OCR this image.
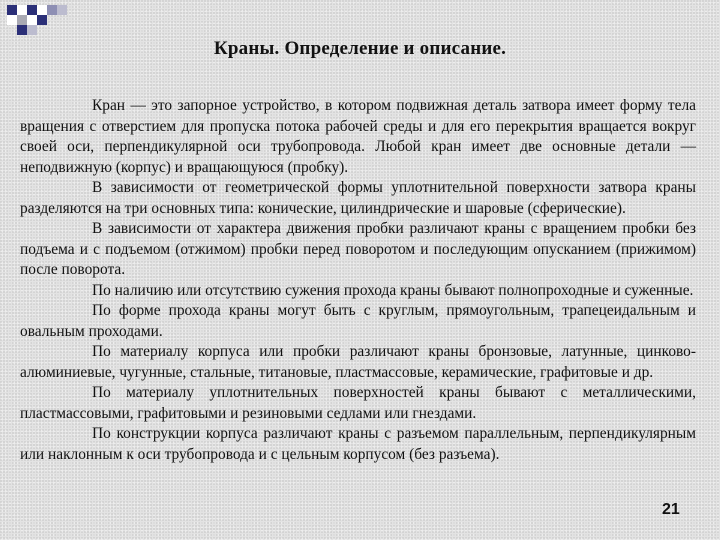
Краны. Определение и описание.

Кран — это запорное устройство, в котором подвижная деталь затвора имеет форму тела вращения с отверстием для пропуска потока рабочей среды и для его перекрытия вращается вокруг своей оси, перпендикулярной оси трубопровода. Любой кран имеет две основные детали — неподвижную (корпус) и вращающуюся (пробку).

В зависимости от геометрической формы уплотнительной поверхности затвора краны разделяются на три основных типа: конические, цилиндрические и шаровые (сферические).

В зависимости от характера движения пробки различают краны с вращением пробки без подъема и с подъемом (отжимом) пробки перед поворотом и последующим опусканием (прижимом) после поворота.

По наличию или отсутствию сужения прохода краны бывают полнопроходные и суженные.

По форме прохода краны могут быть с круглым, прямоугольным, трапецеидальным и овальным проходами.

По материалу корпуса или пробки различают краны бронзовые, латунные, цинково-алюминиевые, чугунные, стальные, титановые, пластмассовые, керамические, графитовые и др.

По материалу уплотнительных поверхностей краны бывают с металлическими, пластмассовыми, графитовыми и резиновыми седлами или гнездами.

По конструкции корпуса различают краны с разъемом параллельным, перпендикулярным или наклонным к оси трубопровода и с цельным корпусом (без разъема).

21
